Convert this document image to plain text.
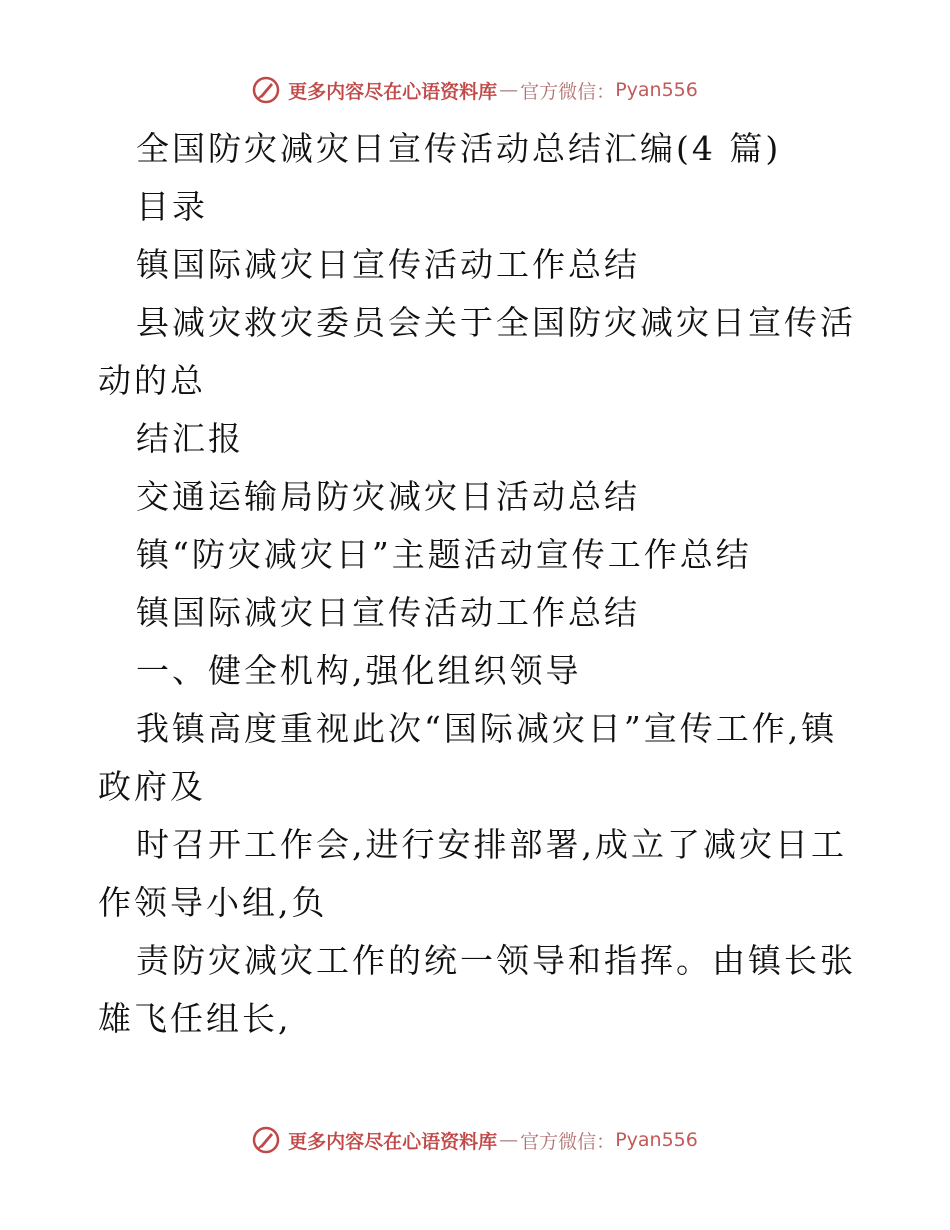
更多内容尽在心语资料库 — 官方微信： Pyan556

全国防灾减灾日宣传活动总结汇编(4 篇)

目录

镇国际减灾日宣传活动工作总结

县减灾救灾委员会关于全国防灾减灾日宣传活动的总

结汇报

交通运输局防灾减灾日活动总结

镇“防灾减灾日”主题活动宣传工作总结

镇国际减灾日宣传活动工作总结

一、健全机构,强化组织领导

我镇高度重视此次“国际减灾日”宣传工作,镇政府及

时召开工作会,进行安排部署,成立了减灾日工作领导小组,负

责防灾减灾工作的统一领导和指挥。由镇长张雄飞任组长,

更多内容尽在心语资料库 — 官方微信： Pyan556
